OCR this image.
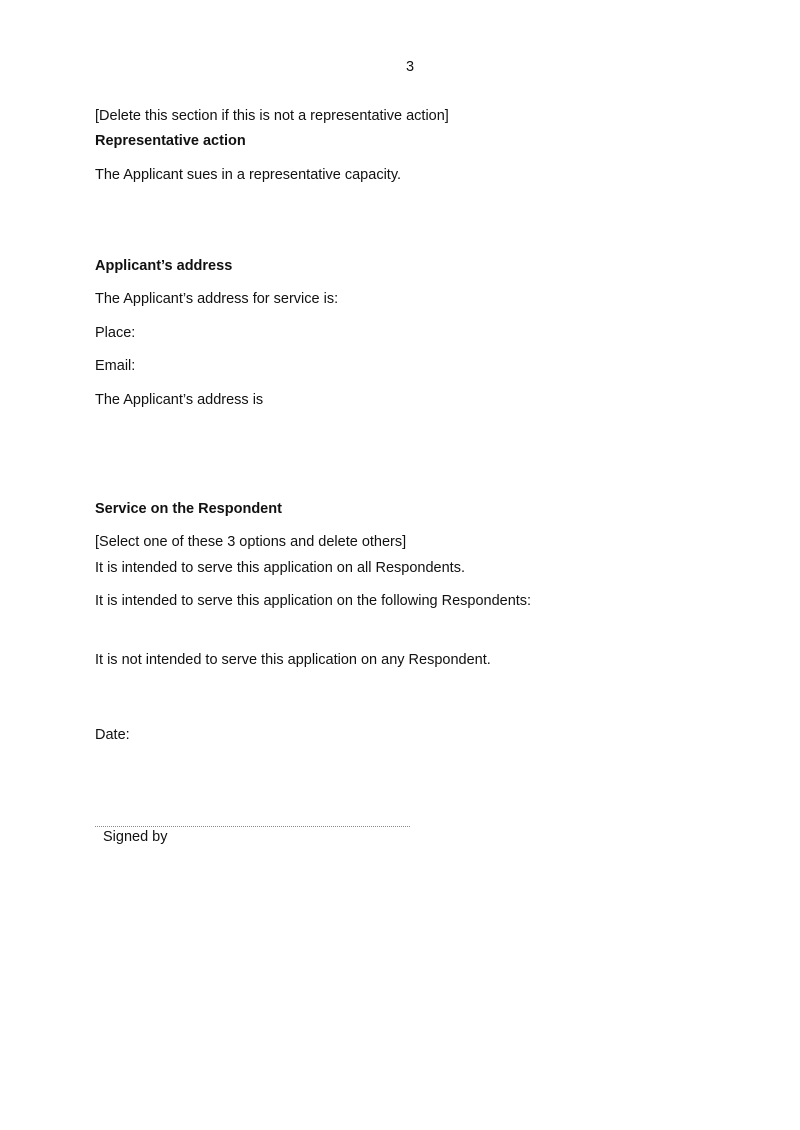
3
[Delete this section if this is not a representative action]
Representative action
The Applicant sues in a representative capacity.
Applicant’s address
The Applicant’s address for service is:
Place:
Email:
The Applicant’s address is
Service on the Respondent
[Select one of these 3 options and delete others]
It is intended to serve this application on all Respondents.
It is intended to serve this application on the following Respondents:
It is not intended to serve this application on any Respondent.
Date:
Signed by
